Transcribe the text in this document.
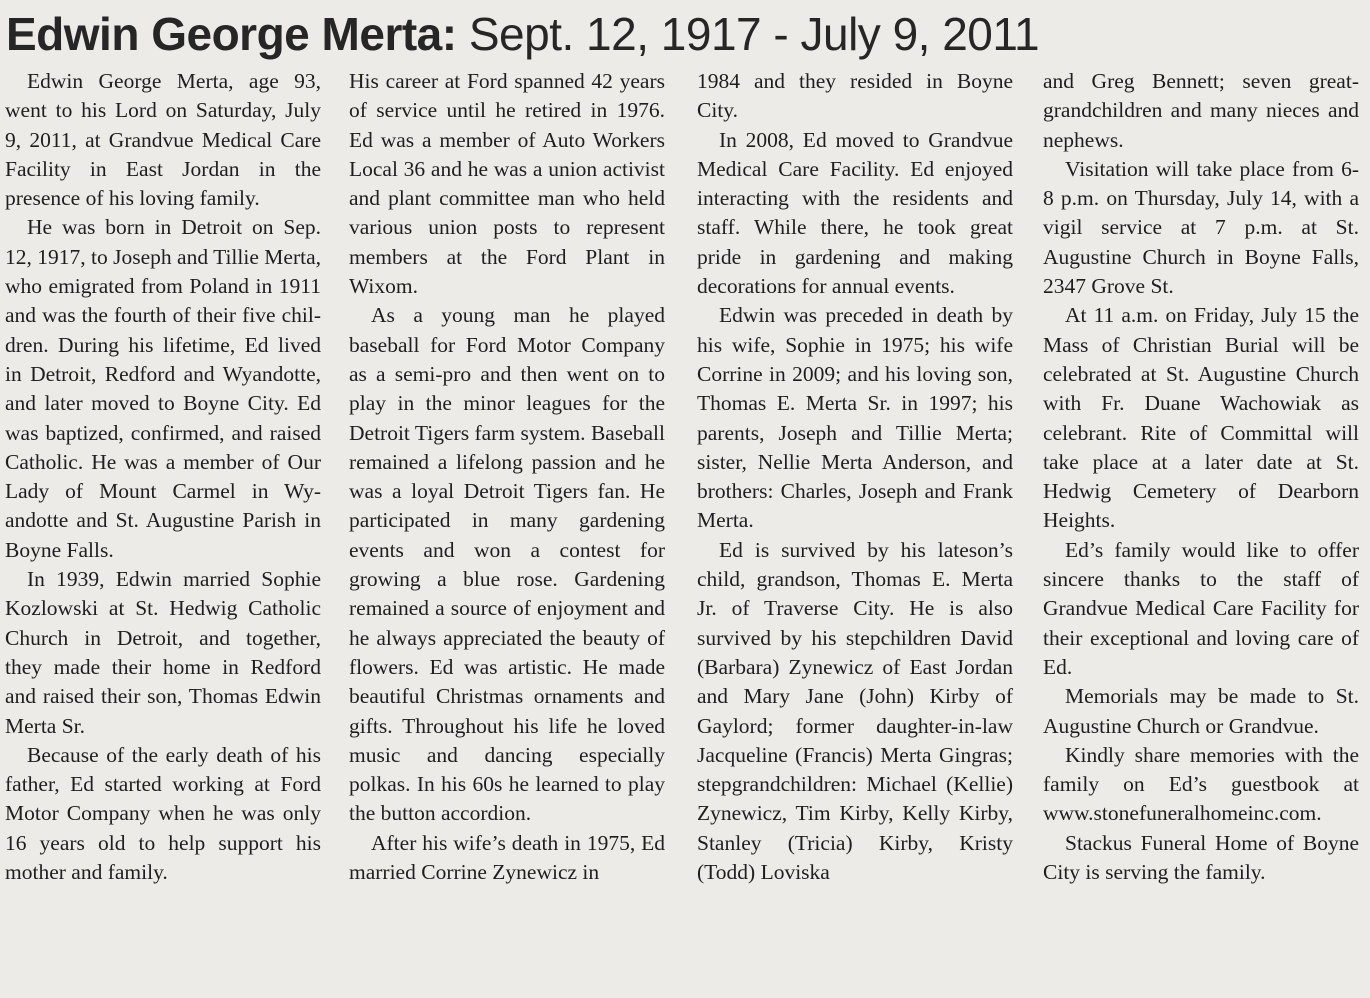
Edwin George Merta: Sept. 12, 1917 - July 9, 2011

Edwin George Merta, age 93, went to his Lord on Saturday, July 9, 2011, at Grandvue Medical Care Facility in East Jordan in the presence of his loving family.

He was born in Detroit on Sep. 12, 1917, to Joseph and Tillie Merta, who emigrated from Poland in 1911 and was the fourth of their five children. During his lifetime, Ed lived in Detroit, Redford and Wyandotte, and later moved to Boyne City. Ed was baptized, confirmed, and raised Catholic. He was a member of Our Lady of Mount Carmel in Wyandotte and St. Augustine Parish in Boyne Falls.

In 1939, Edwin married Sophie Kozlowski at St. Hedwig Catholic Church in Detroit, and together, they made their home in Redford and raised their son, Thomas Edwin Merta Sr.

Because of the early death of his father, Ed started working at Ford Motor Company when he was only 16 years old to help support his mother and family.

His career at Ford spanned 42 years of service until he retired in 1976. Ed was a member of Auto Workers Local 36 and he was a union activist and plant committee man who held various union posts to represent members at the Ford Plant in Wixom.

As a young man he played baseball for Ford Motor Company as a semi-pro and then went on to play in the minor leagues for the Detroit Tigers farm system. Baseball remained a lifelong passion and he was a loyal Detroit Tigers fan. He participated in many gardening events and won a contest for growing a blue rose. Gardening remained a source of enjoyment and he always appreciated the beauty of flowers. Ed was artistic. He made beautiful Christmas ornaments and gifts. Throughout his life he loved music and dancing especially polkas. In his 60s he learned to play the button accordion.

After his wife’s death in 1975, Ed married Corrine Zynewicz in

1984 and they resided in Boyne City.

In 2008, Ed moved to Grandvue Medical Care Facility. Ed enjoyed interacting with the residents and staff. While there, he took great pride in gardening and making decorations for annual events.

Edwin was preceded in death by his wife, Sophie in 1975; his wife Corrine in 2009; and his loving son, Thomas E. Merta Sr. in 1997; his parents, Joseph and Tillie Merta; sister, Nellie Merta Anderson, and brothers: Charles, Joseph and Frank Merta.

Ed is survived by his lateson’s child, grandson, Thomas E. Merta Jr. of Traverse City. He is also survived by his stepchildren David (Barbara) Zynewicz of East Jordan and Mary Jane (John) Kirby of Gaylord; former daughter-in-law Jacqueline (Francis) Merta Gingras; stepgrandchildren: Michael (Kellie) Zynewicz, Tim Kirby, Kelly Kirby, Stanley (Tricia) Kirby, Kristy (Todd) Loviska

and Greg Bennett; seven greatgrandchildren and many nieces and nephews.

Visitation will take place from 6-8 p.m. on Thursday, July 14, with a vigil service at 7 p.m. at St. Augustine Church in Boyne Falls, 2347 Grove St.

At 11 a.m. on Friday, July 15 the Mass of Christian Burial will be celebrated at St. Augustine Church with Fr. Duane Wachowiak as celebrant. Rite of Committal will take place at a later date at St. Hedwig Cemetery of Dearborn Heights.

Ed’s family would like to offer sincere thanks to the staff of Grandvue Medical Care Facility for their exceptional and loving care of Ed.

Memorials may be made to St. Augustine Church or Grandvue.

Kindly share memories with the family on Ed’s guestbook at www.stonefuneralhomeinc.com.

Stackus Funeral Home of Boyne City is serving the family.
